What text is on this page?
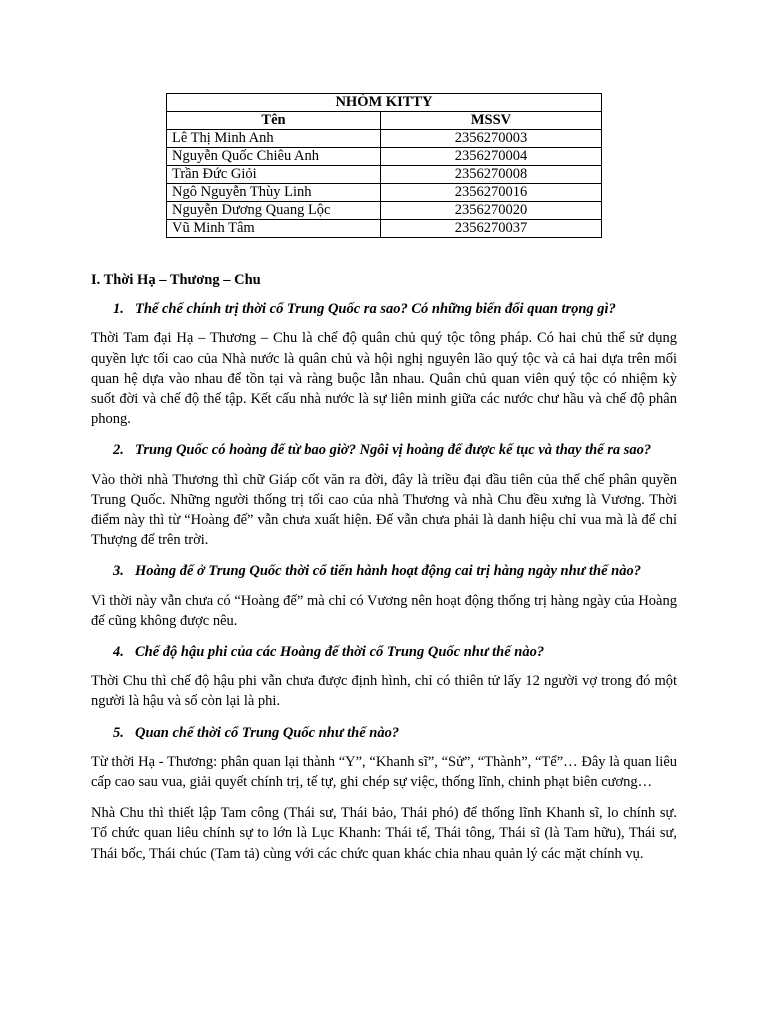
NHÓM KITTY	
Tên	MSSV
Lê Thị Minh Anh	2356270003
Nguyễn Quốc Chiêu Anh	2356270004
Trần Đức Giỏi	2356270008
Ngô Nguyễn Thùy Linh	2356270016
Nguyễn Dương Quang Lộc	2356270020
Vũ Minh Tâm	2356270037
I. Thời Hạ – Thương – Chu
1. Thể chế chính trị thời cổ Trung Quốc ra sao? Có những biến đổi quan trọng gì?

Thời Tam đại Hạ – Thương – Chu là chế độ quân chủ quý tộc tông pháp. Có hai chủ thể sử dụng quyền lực tối cao của Nhà nước là quân chủ và hội nghị nguyên lão quý tộc và cả hai dựa trên mối quan hệ dựa vào nhau để tồn tại và ràng buộc lẫn nhau. Quân chủ quan viên quý tộc có nhiệm kỳ suốt đời và chế độ thế tập. Kết cấu nhà nước là sự liên minh giữa các nước chư hầu và chế độ phân phong.

2. Trung Quốc có hoàng đế từ bao giờ? Ngôi vị hoàng đế được kế tục và thay thế ra sao?

Vào thời nhà Thương thì chữ Giáp cốt văn ra đời, đây là triều đại đầu tiên của thể chế phân quyền Trung Quốc. Những người thống trị tối cao của nhà Thương và nhà Chu đều xưng là Vương. Thời điểm này thì từ “Hoàng đế” vẫn chưa xuất hiện. Đế vẫn chưa phải là danh hiệu chỉ vua mà là để chỉ Thượng đế trên trời.

3. Hoàng đế ở Trung Quốc thời cổ tiến hành hoạt động cai trị hàng ngày như thế nào?

Vì thời này vẫn chưa có “Hoàng đế” mà chỉ có Vương nên hoạt động thống trị hàng ngày của Hoàng đế cũng không được nêu.

4. Chế độ hậu phi của các Hoàng đế thời cổ Trung Quốc như thế nào?

Thời Chu thì chế độ hậu phi vẫn chưa được định hình, chỉ có thiên tử lấy 12 người vợ trong đó một người là hậu và số còn lại là phi.

5. Quan chế thời cổ Trung Quốc như thế nào?

Từ thời Hạ - Thương: phân quan lại thành “Y”, “Khanh sĩ”, “Sử”, “Thành”, “Tể”… Đây là quan liêu cấp cao sau vua, giải quyết chính trị, tế tự, ghi chép sự việc, thống lĩnh, chinh phạt biên cương…

Nhà Chu thì thiết lập Tam công (Thái sư, Thái bảo, Thái phó) để thống lĩnh Khanh sĩ, lo chính sự. Tổ chức quan liêu chính sự to lớn là Lục Khanh: Thái tể, Thái tông, Thái sĩ (là Tam hữu), Thái sư, Thái bốc, Thái chúc (Tam tả) cùng với các chức quan khác chia nhau quản lý các mặt chính vụ.
